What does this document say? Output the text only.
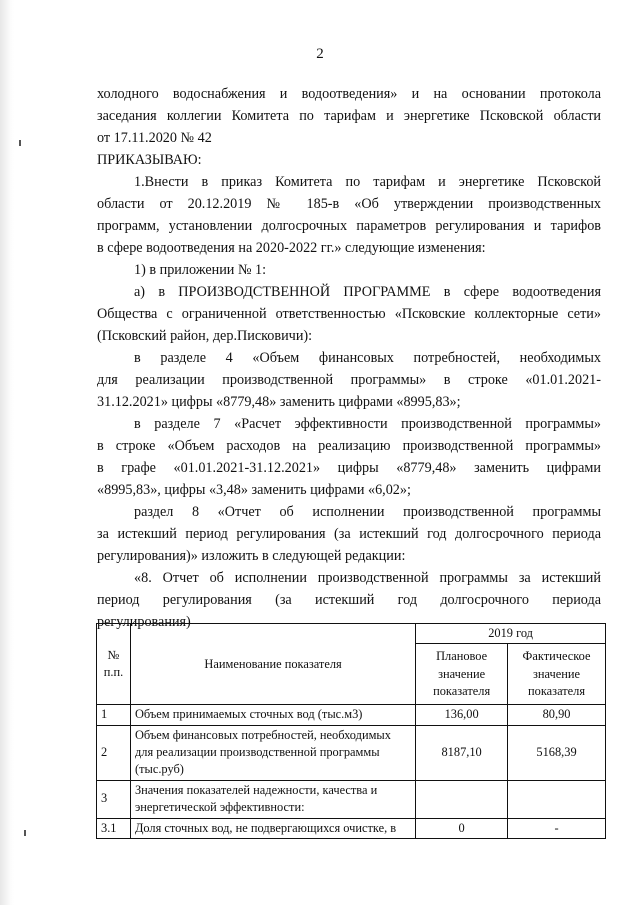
2
холодного водоснабжения и водоотведения» и на основании протокола
заседания коллегии Комитета по тарифам и энергетике Псковской области
от 17.11.2020 № 42
ПРИКАЗЫВАЮ:
1.Внести в приказ Комитета по тарифам и энергетике Псковской
области от 20.12.2019 № 185-в «Об утверждении производственных
программ, установлении долгосрочных параметров регулирования и тарифов
в сфере водоотведения на 2020-2022 гг.» следующие изменения:
1) в приложении № 1:
а) в ПРОИЗВОДСТВЕННОЙ ПРОГРАММЕ в сфере водоотведения
Общества с ограниченной ответственностью «Псковские коллекторные сети»
(Псковский район, дер.Писковичи):
в разделе 4 «Объем финансовых потребностей, необходимых
для реализации производственной программы» в строке «01.01.2021-
31.12.2021» цифры «8779,48» заменить цифрами «8995,83»;
в разделе 7 «Расчет эффективности производственной программы»
в строке «Объем расходов на реализацию производственной программы»
в графе «01.01.2021-31.12.2021» цифры «8779,48» заменить цифрами
«8995,83», цифры «3,48» заменить цифрами «6,02»;
раздел 8 «Отчет об исполнении производственной программы
за истекший период регулирования (за истекший год долгосрочного периода
регулирования)» изложить в следующей редакции:
«8. Отчет об исполнении производственной программы за истекший
период регулирования (за истекший год долгосрочного периода
регулирования)
№ п.п.	Наименование показателя	2019 год	
		Плановое значение показателя	Фактическое значение показателя
1	Объем принимаемых сточных вод (тыс.м3)	136,00	80,90
2	Объем финансовых потребностей, необходимых для реализации производственной программы (тыс.руб)	8187,10	5168,39
3	Значения показателей надежности, качества и энергетической эффективности:		
3.1	Доля сточных вод, не подвергающихся очистке, в	0	-
